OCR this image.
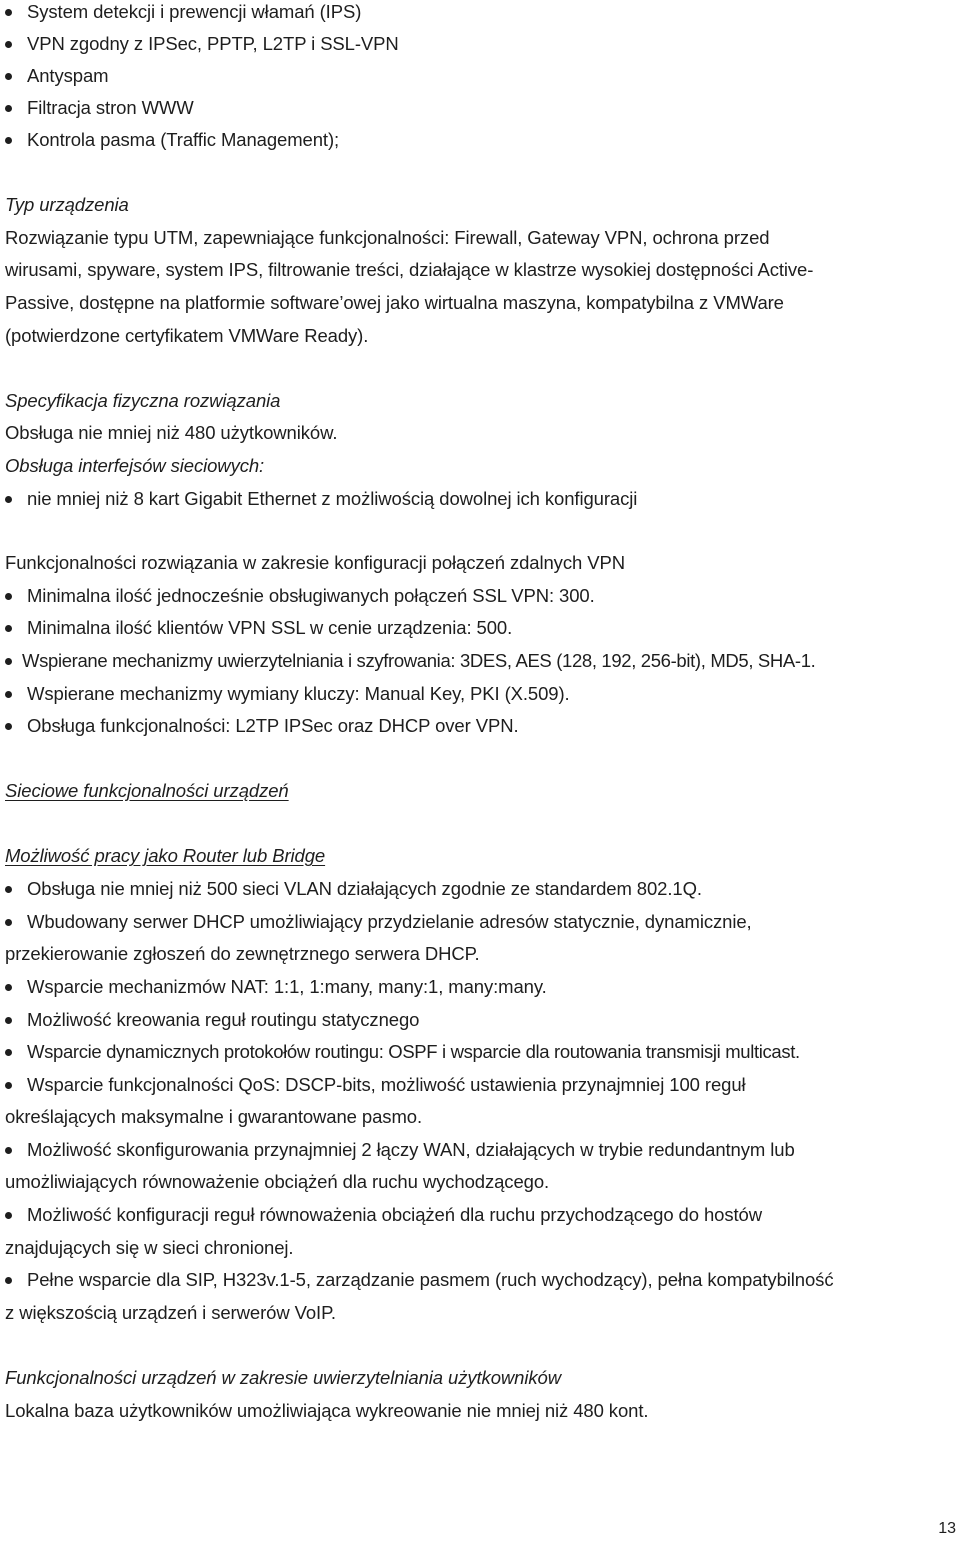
System detekcji i prewencji włamań (IPS)
VPN zgodny z IPSec, PPTP, L2TP i SSL-VPN
Antyspam
Filtracja stron WWW
Kontrola pasma (Traffic Management);
Typ urządzenia
Rozwiązanie typu UTM, zapewniające funkcjonalności: Firewall, Gateway VPN, ochrona przed
wirusami, spyware, system IPS, filtrowanie treści, działające w klastrze wysokiej dostępności Active-
Passive, dostępne na platformie software’owej jako wirtualna maszyna, kompatybilna z VMWare
(potwierdzone certyfikatem VMWare Ready).
Specyfikacja fizyczna rozwiązania
Obsługa nie mniej niż 480 użytkowników.
Obsługa interfejsów sieciowych:
nie mniej niż 8 kart Gigabit Ethernet z możliwością dowolnej ich konfiguracji
Funkcjonalności rozwiązania w zakresie konfiguracji połączeń zdalnych VPN
Minimalna ilość jednocześnie obsługiwanych połączeń SSL VPN: 300.
Minimalna ilość klientów VPN SSL w cenie urządzenia: 500.
Wspierane mechanizmy uwierzytelniania i szyfrowania: 3DES, AES (128, 192, 256-bit), MD5, SHA-1.
Wspierane mechanizmy wymiany kluczy: Manual Key, PKI (X.509).
Obsługa funkcjonalności: L2TP IPSec oraz DHCP over VPN.
Sieciowe funkcjonalności urządzeń
Możliwość pracy jako Router lub Bridge
Obsługa nie mniej niż 500 sieci VLAN działających zgodnie ze standardem 802.1Q.
Wbudowany serwer DHCP umożliwiający przydzielanie adresów statycznie, dynamicznie,
przekierowanie zgłoszeń do zewnętrznego serwera DHCP.
Wsparcie mechanizmów NAT: 1:1, 1:many, many:1, many:many.
Możliwość kreowania reguł routingu statycznego
Wsparcie dynamicznych protokołów routingu: OSPF i wsparcie dla routowania transmisji multicast.
Wsparcie funkcjonalności QoS: DSCP-bits, możliwość ustawienia przynajmniej 100 reguł
określających maksymalne i gwarantowane pasmo.
Możliwość skonfigurowania przynajmniej 2 łączy WAN, działających w trybie redundantnym lub
umożliwiających równoważenie obciążeń dla ruchu wychodzącego.
Możliwość konfiguracji reguł równoważenia obciążeń dla ruchu przychodzącego do hostów
znajdujących się w sieci chronionej.
Pełne wsparcie dla SIP, H323v.1-5, zarządzanie pasmem (ruch wychodzący), pełna kompatybilność
z większością urządzeń i serwerów VoIP.
Funkcjonalności urządzeń w zakresie uwierzytelniania użytkowników
Lokalna baza użytkowników umożliwiająca wykreowanie nie mniej niż 480 kont.
13
